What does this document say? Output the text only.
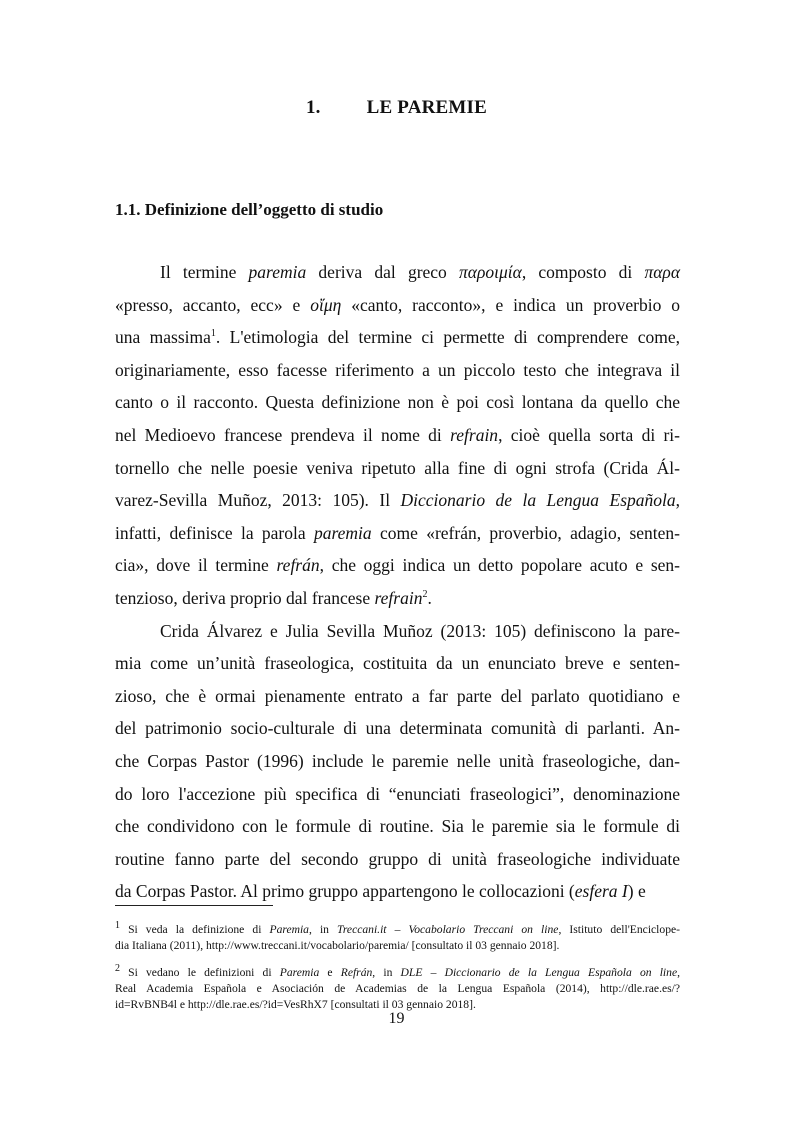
1. LE PAREMIE
1.1. Definizione dell’oggetto di studio

Il termine paremia deriva dal greco παροιμία, composto di παρα
«presso, accanto, ecc» e οἴμη «canto, racconto», e indica un proverbio o
una massima$^1$. L'etimologia del termine ci permette di comprendere come,
originariamente, esso facesse riferimento a un piccolo testo che integrava il
canto o il racconto. Questa definizione non è poi così lontana da quello che
nel Medioevo francese prendeva il nome di refrain, cioè quella sorta di ri-
tornello che nelle poesie veniva ripetuto alla fine di ogni strofa (Crida Ál-
varez-Sevilla Muñoz, 2013: 105). Il Diccionario de la Lengua Española,
infatti, definisce la parola paremia come «refrán, proverbio, adagio, senten-
cia», dove il termine refrán, che oggi indica un detto popolare acuto e sen-
tenzioso, deriva proprio dal francese refrain$^2$.

Crida Álvarez e Julia Sevilla Muñoz (2013: 105) definiscono la pare-
mia come un’unità fraseologica, costituita da un enunciato breve e senten-
zioso, che è ormai pienamente entrato a far parte del parlato quotidiano e
del patrimonio socio-culturale di una determinata comunità di parlanti. An-
che Corpas Pastor (1996) include le paremie nelle unità fraseologiche, dan-
do loro l'accezione più specifica di “enunciati fraseologici”, denominazione
che condividono con le formule di routine. Sia le paremie sia le formule di
routine fanno parte del secondo gruppo di unità fraseologiche individuate
da Corpas Pastor. Al primo gruppo appartengono le collocazioni (esfera I) e

$^1$ Si veda la definizione di Paremia, in Treccani.it – Vocabolario Treccani on line, Istituto dell'Enciclope-
dia Italiana (2011), http://www.treccani.it/vocabolario/paremia/ [consultato il 03 gennaio 2018].

$^2$ Si vedano le definizioni di Paremia e Refrán, in DLE – Diccionario de la Lengua Española on line,
Real Academia Española e Asociación de Academias de la Lengua Española (2014), http://dle.rae.es/?
id=RvBNB4l e http://dle.rae.es/?id=VesRhX7 [consultati il 03 gennaio 2018].

19
